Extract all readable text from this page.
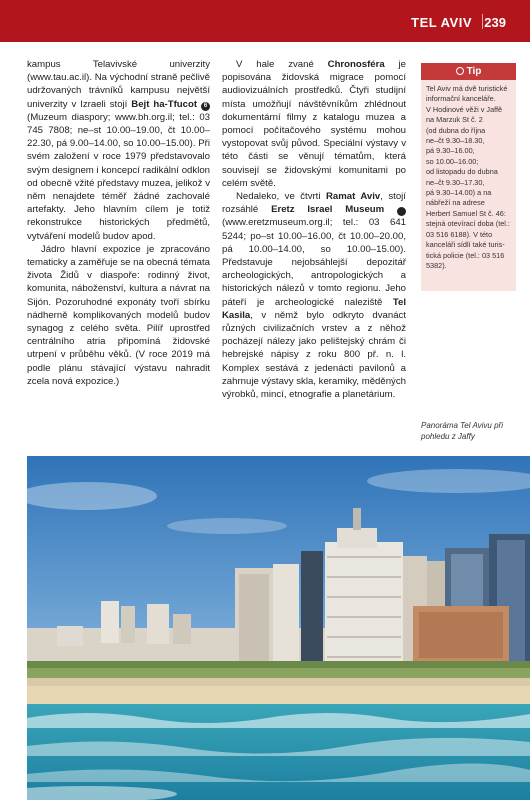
TEL AVIV 239

kampus Telavivské univerzity (www.tau.ac.il). Na východní straně pečlivě udržovaných trávníků kampusu největší univerzity v Izraeli stojí Bejt ha-Tfucot 6 (Muzeum diaspory; www.bh.org.il; tel.: 03 745 7808; ne–st 10.00–19.00, čt 10.00–22.30, pá 9.00–14.00, so 10.00–15.00). Při svém založení v roce 1979 představovalo svým designem i koncepcí radikální odklon od obecně vžité představy muzea, jelikož v něm nenajdete téměř žádné zachovalé artefakty. Jeho hlavním cílem je totiž rekonstrukce historických předmětů, vytváření modelů budov apod.

Jádro hlavní expozice je zpracováno tematicky a zaměřuje se na obecná témata života Židů v diaspoře: rodinný život, komunita, náboženství, kultura a návrat na Sijón. Pozoruhodné exponáty tvoří sbírku nádherně komplikovaných modelů budov synagog z celého světa. Pilíř uprostřed centrálního atria připomíná židovské utrpení v průběhu věků. (V roce 2019 má podle plánu stávající výstavu nahradit zcela nová expozice.)

V hale zvané Chronosféra je popisována židovská migrace pomocí audiovizuálních prostředků. Čtyři studijní místa umožňují návštěvníkům zhlédnout dokumentární filmy z katalogu muzea a pomocí počítačového systému mohou vystopovat svůj původ. Speciální výstavy v této části se věnují tématům, která souvisejí se židovskými komunitami po celém světě.

Nedaleko, ve čtvrti Ramat Aviv, stojí rozsáhlé Eretz Israel Museum	8 (www.eretzmuseum.org.il; tel.: 03 641 5244; po–st 10.00–16.00, čt 10.00–20.00, pá 10.00–14.00, so 10.00–15.00). Představuje nejobsáhlejší depozitář archeologických, antropologických a historických nálezů v tomto regionu. Jeho páteří je archeologické naleziště Tel Kasila, v němž bylo odkryto dvanáct různých civilizačních vrstev a z něhož pocházejí nálezy jako pelištejský chrám či hebrejské nápisy z roku 800 př. n. l. Komplex sestává z jedenácti pavilonů a zahrnuje výstavy skla, keramiky, měděných výrobků, mincí, etnografie a planetárium.

Tip
Tel Aviv má dvě turistické
informační kanceláře.
V Hodinové věži v Jaffě
na Marzuk St č. 2
(od dubna do října
ne–čt 9.30–18.30,
pá 9.30–16.00,
so 10.00–16.00;
od listopadu do dubna
ne–čt 9.30–17.30,
pá 9.30–14.00) a na
nábřeží na adrese
Herbert Samuel St č. 46:
stejná otevírací doba (tel.:
03 516 6188). V této
kanceláři sídlí také turis-
tická policie (tel.: 03 516
5382).
Panoráma Tel Avivu při pohledu z Jaffy
